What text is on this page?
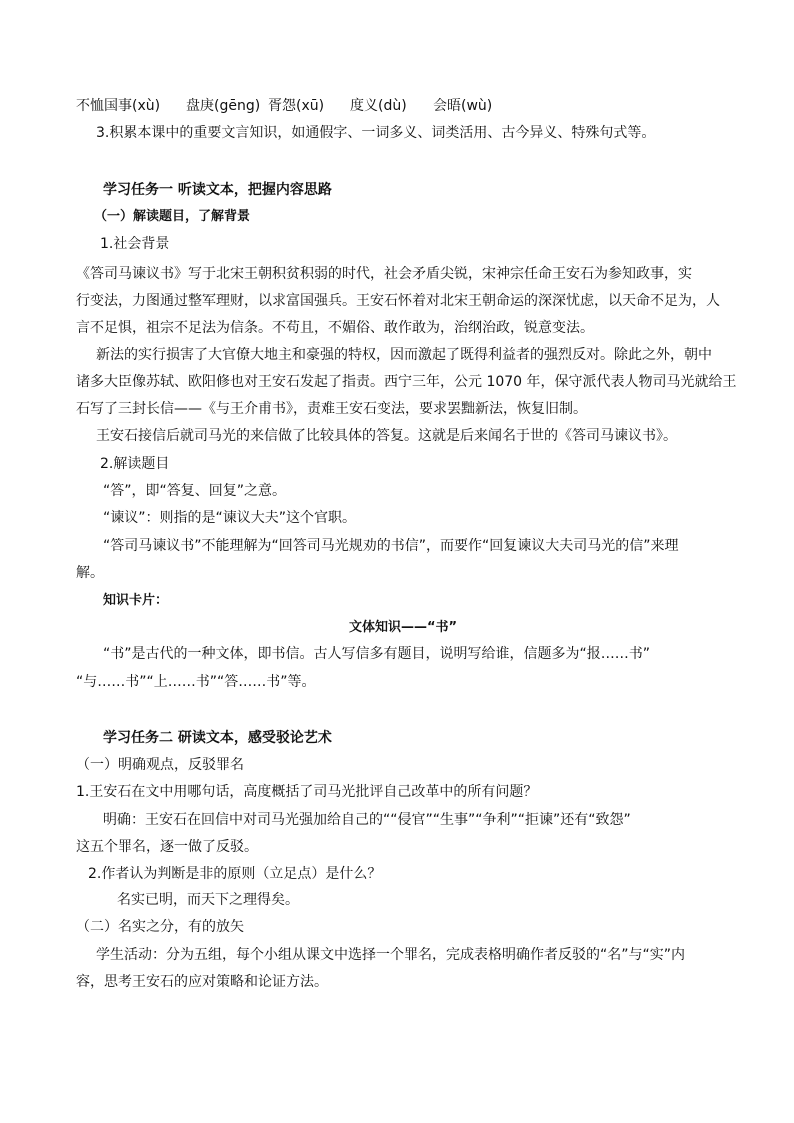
不恤国事(xù) 盘庚(gēng) 胥怨(xū) 度义(dù) 会晤(wù)
3.积累本课中的重要文言知识，如通假字、一词多义、词类活用、古今异义、特殊句式等。
学习任务一 听读文本，把握内容思路
（一）解读题目，了解背景
1.社会背景
《答司马谏议书》写于北宋王朝积贫积弱的时代，社会矛盾尖锐，宋神宗任命王安石为参知政事，实
行变法，力图通过整军理财，以求富国强兵。王安石怀着对北宋王朝命运的深深忧虑，以天命不足为，人
言不足惧，祖宗不足法为信条。不苟且，不媚俗、敢作敢为，治纲治政，锐意变法。
新法的实行损害了大官僚大地主和豪强的特权，因而激起了既得利益者的强烈反对。除此之外，朝中
诸多大臣像苏轼、欧阳修也对王安石发起了指责。西宁三年，公元 1070 年，保守派代表人物司马光就给王
石写了三封长信——《与王介甫书》，责难王安石变法，要求罢黜新法，恢复旧制。
王安石接信后就司马光的来信做了比较具体的答复。这就是后来闻名于世的《答司马谏议书》。
2.解读题目
“答”，即“答复、回复”之意。
“谏议”：则指的是“谏议大夫”这个官职。
“答司马谏议书”不能理解为“回答司马光规劝的书信”，而要作“回复谏议大夫司马光的信”来理
解。
知识卡片：
文体知识——“书”
“书”是古代的一种文体，即书信。古人写信多有题目，说明写给谁，信题多为“报……书”
“与……书”“上……书”“答……书”等。
学习任务二 研读文本，感受驳论艺术
（一）明确观点，反驳罪名
1.王安石在文中用哪句话，高度概括了司马光批评自己改革中的所有问题？
明确：王安石在回信中对司马光强加给自己的““侵官”“生事”“争利”“拒谏”还有“致怨”
这五个罪名，逐一做了反驳。
2.作者认为判断是非的原则（立足点）是什么？
名实已明，而天下之理得矣。
（二）名实之分，有的放矢
学生活动：分为五组，每个小组从课文中选择一个罪名，完成表格明确作者反驳的“名”与“实”内
容，思考王安石的应对策略和论证方法。
